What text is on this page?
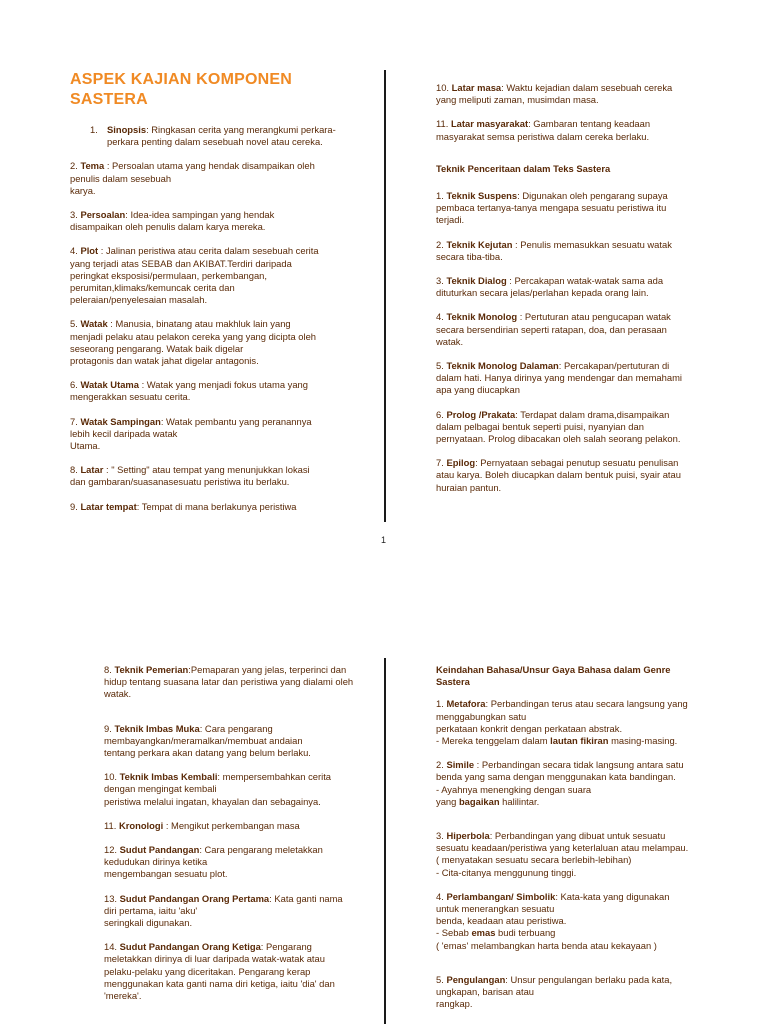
ASPEK KAJIAN KOMPONEN
SASTERA
1. Sinopsis: Ringkasan cerita yang merangkumi perkara-
perkara penting dalam sesebuah novel atau cereka.
2. Tema : Persoalan utama yang hendak disampaikan oleh
penulis dalam sesebuah
karya.
3. Persoalan: Idea-idea sampingan yang hendak
disampaikan oleh penulis dalam karya mereka.
4. Plot : Jalinan peristiwa atau cerita dalam sesebuah cerita
yang terjadi atas SEBAB dan AKIBAT.Terdiri daripada
peringkat eksposisi/permulaan, perkembangan,
perumitan,klimaks/kemuncak cerita dan
peleraian/penyelesaian masalah.
5. Watak : Manusia, binatang atau makhluk lain yang
menjadi pelaku atau pelakon cereka yang yang dicipta oleh
seseorang pengarang. Watak baik digelar
protagonis dan watak jahat digelar antagonis.
6. Watak Utama : Watak yang menjadi fokus utama yang
mengerakkan sesuatu cerita.
7. Watak Sampingan: Watak pembantu yang peranannya
lebih kecil daripada watak
Utama.
8. Latar : " Setting" atau tempat yang menunjukkan lokasi
dan gambaran/suasanasesuatu peristiwa itu berlaku.
9. Latar tempat: Tempat di mana berlakunya peristiwa
10. Latar masa: Waktu kejadian dalam sesebuah cereka
yang meliputi zaman, musimdan masa.
11. Latar masyarakat: Gambaran tentang keadaan
masyarakat semsa peristiwa dalam cereka berlaku.
Teknik Penceritaan dalam Teks Sastera
1. Teknik Suspens: Digunakan oleh pengarang supaya
pembaca tertanya-tanya mengapa sesuatu peristiwa itu
terjadi.
2. Teknik Kejutan : Penulis memasukkan sesuatu watak
secara tiba-tiba.
3. Teknik Dialog : Percakapan watak-watak sama ada
dituturkan secara jelas/perlahan kepada orang lain.
4. Teknik Monolog : Pertuturan atau pengucapan watak
secara bersendirian seperti ratapan, doa, dan perasaan
watak.
5. Teknik Monolog Dalaman: Percakapan/pertuturan di
dalam hati. Hanya dirinya yang mendengar dan memahami
apa yang diucapkan
6. Prolog /Prakata: Terdapat dalam drama,disampaikan
dalam pelbagai bentuk seperti puisi, nyanyian dan
pernyataan. Prolog dibacakan oleh salah seorang pelakon.
7. Epilog: Pernyataan sebagai penutup sesuatu penulisan
atau karya. Boleh diucapkan dalam bentuk puisi, syair atau
huraian pantun.
1
8. Teknik Pemerian:Pemaparan yang jelas, terperinci dan
hidup tentang suasana latar dan peristiwa yang dialami oleh
watak.
9. Teknik Imbas Muka: Cara pengarang
membayangkan/meramalkan/membuat andaian
tentang perkara akan datang yang belum berlaku.
10. Teknik Imbas Kembali: mempersembahkan cerita
dengan mengingat kembali
peristiwa melalui ingatan, khayalan dan sebagainya.
11. Kronologi : Mengikut perkembangan masa
12. Sudut Pandangan: Cara pengarang meletakkan
kedudukan dirinya ketika
mengembangan sesuatu plot.
13. Sudut Pandangan Orang Pertama: Kata ganti nama
diri pertama, iaitu 'aku'
seringkali digunakan.
14. Sudut Pandangan Orang Ketiga: Pengarang
meletakkan dirinya di luar daripada watak-watak atau
pelaku-pelaku yang diceritakan. Pengarang kerap
menggunakan kata ganti nama diri ketiga, iaitu 'dia' dan
'mereka'.
Keindahan Bahasa/Unsur Gaya Bahasa dalam Genre
Sastera
1. Metafora: Perbandingan terus atau secara langsung yang
menggabungkan satu
perkataan konkrit dengan perkataan abstrak.
- Mereka tenggelam dalam lautan fikiran masing-masing.
2. Simile : Perbandingan secara tidak langsung antara satu
benda yang sama dengan menggunakan kata bandingan.
- Ayahnya menengking dengan suara
yang bagaikan halilintar.
3. Hiperbola: Perbandingan yang dibuat untuk sesuatu
sesuatu keadaan/peristiwa yang keterlaluan atau melampau.
( menyatakan sesuatu secara berlebih-lebihan)
- Cita-citanya menggunung tinggi.
4. Perlambangan/ Simbolik: Kata-kata yang digunakan
untuk menerangkan sesuatu
benda, keadaan atau peristiwa.
- Sebab emas budi terbuang
( 'emas' melambangkan harta benda atau kekayaan )
5. Pengulangan: Unsur pengulangan berlaku pada kata,
ungkapan, barisan atau
rangkap.
